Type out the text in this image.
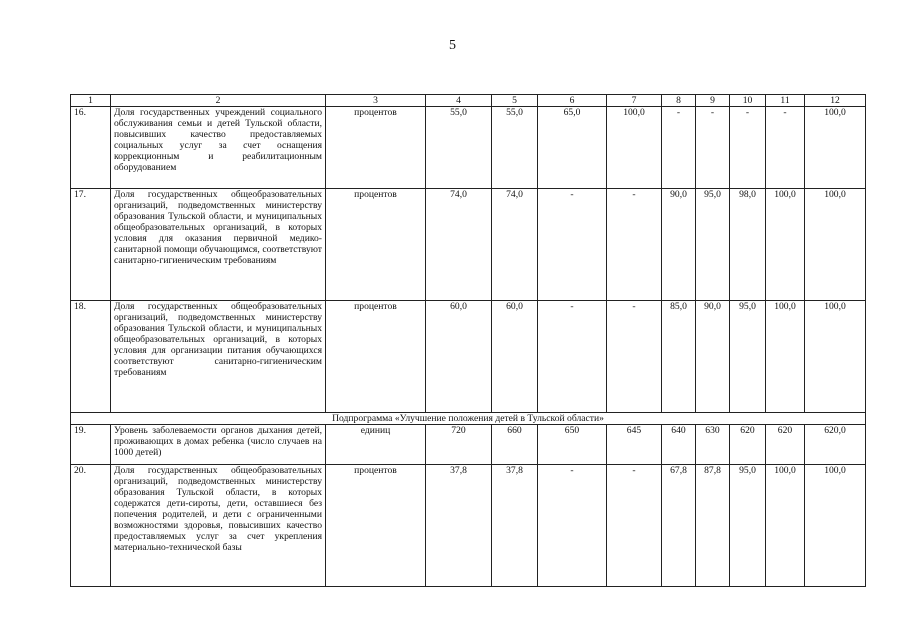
5
1	2	3	4	5	6	7	8	9	10	11	12
16.	Доля государственных учреждений социального обслуживания семьи и детей Тульской области, повысивших качество предоставляемых социальных услуг за счет оснащения коррекционным и реабилитационным оборудованием	процентов	55,0	55,0	65,0	100,0	-	-	-	-	100,0
17.	Доля государственных общеобразовательных организаций, подведомственных министерству образования Тульской области, и муниципальных общеобразовательных организаций, в которых условия для оказания первичной медико-санитарной помощи обучающимся, соответствуют санитарно-гигиеническим требованиям	процентов	74,0	74,0	-	-	90,0	95,0	98,0	100,0	100,0
18.	Доля государственных общеобразовательных организаций, подведомственных министерству образования Тульской области, и муниципальных общеобразовательных организаций, в которых условия для организации питания обучающихся соответствуют санитарно-гигиеническим требованиям	процентов	60,0	60,0	-	-	85,0	90,0	95,0	100,0	100,0
Подпрограмма «Улучшение положения детей в Тульской области»											
19.	Уровень заболеваемости органов дыхания детей, проживающих в домах ребенка (число случаев на 1000 детей)	единиц	720	660	650	645	640	630	620	620	620,0
20.	Доля государственных общеобразовательных организаций, подведомственных министерству образования Тульской области, в которых содержатся дети-сироты, дети, оставшиеся без попечения родителей, и дети с ограниченными возможностями здоровья, повысивших качество предоставляемых услуг за счет укрепления материально-технической базы	процентов	37,8	37,8	-	-	67,8	87,8	95,0	100,0	100,0
